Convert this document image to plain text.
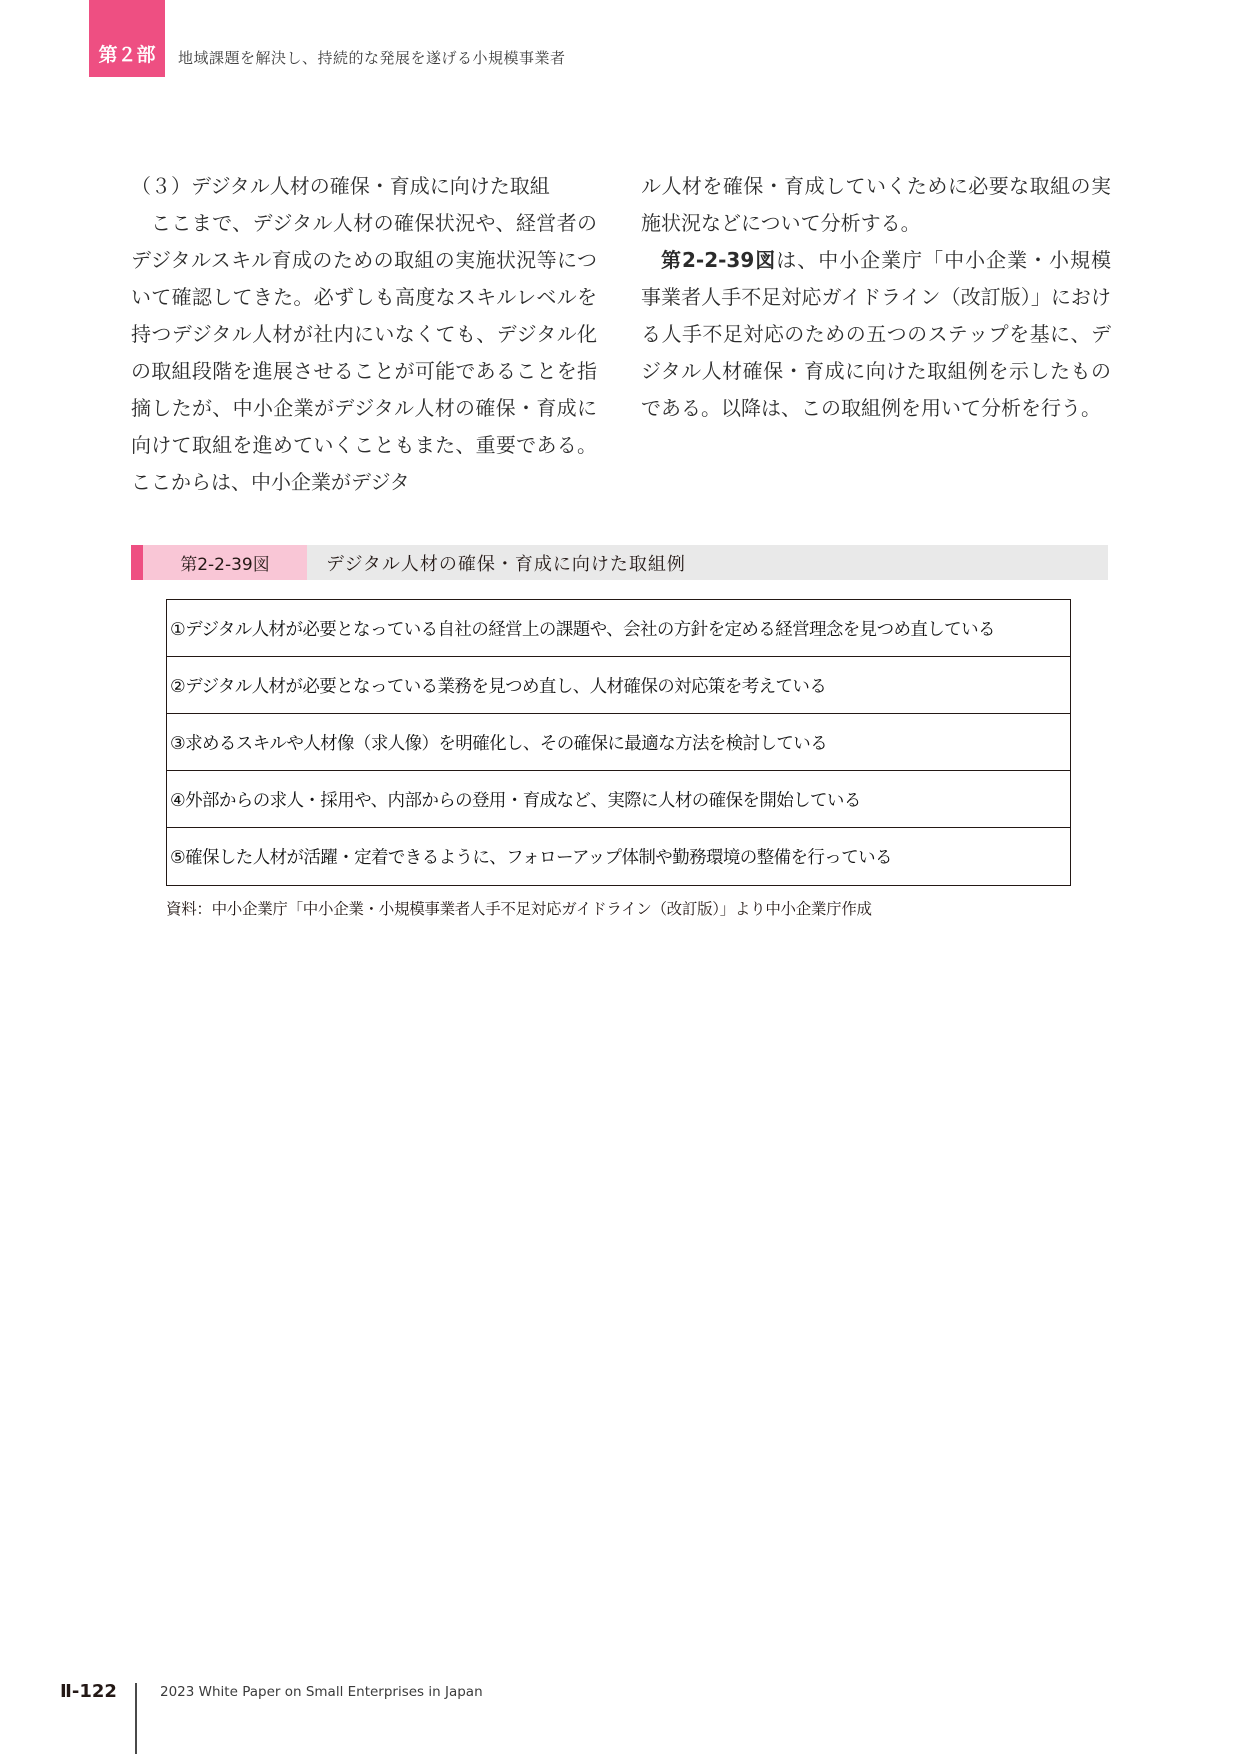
第２部 地域課題を解決し、持続的な発展を遂げる小規模事業者

（３）デジタル人材の確保・育成に向けた取組

ここまで、デジタル人材の確保状況や、経営者のデジタルスキル育成のための取組の実施状況等について確認してきた。必ずしも高度なスキルレベルを持つデジタル人材が社内にいなくても、デジタル化の取組段階を進展させることが可能であることを指摘したが、中小企業がデジタル人材の確保・育成に向けて取組を進めていくこともまた、重要である。ここからは、中小企業がデジタ

ル人材を確保・育成していくために必要な取組の実施状況などについて分析する。

第2-2-39図は、中小企業庁「中小企業・小規模事業者人手不足対応ガイドライン（改訂版）」における人手不足対応のための五つのステップを基に、デジタル人材確保・育成に向けた取組例を示したものである。以降は、この取組例を用いて分析を行う。

第2-2-39図	デジタル人材の確保・育成に向けた取組例
①デジタル人材が必要となっている自社の経営上の課題や、会社の方針を定める経営理念を見つめ直している
②デジタル人材が必要となっている業務を見つめ直し、人材確保の対応策を考えている
③求めるスキルや人材像（求人像）を明確化し、その確保に最適な方法を検討している
④外部からの求人・採用や、内部からの登用・育成など、実際に人材の確保を開始している
⑤確保した人材が活躍・定着できるように、フォローアップ体制や勤務環境の整備を行っている
資料：中小企業庁「中小企業・小規模事業者人手不足対応ガイドライン（改訂版）」より中小企業庁作成
Ⅱ-122	2023 White Paper on Small Enterprises in Japan
